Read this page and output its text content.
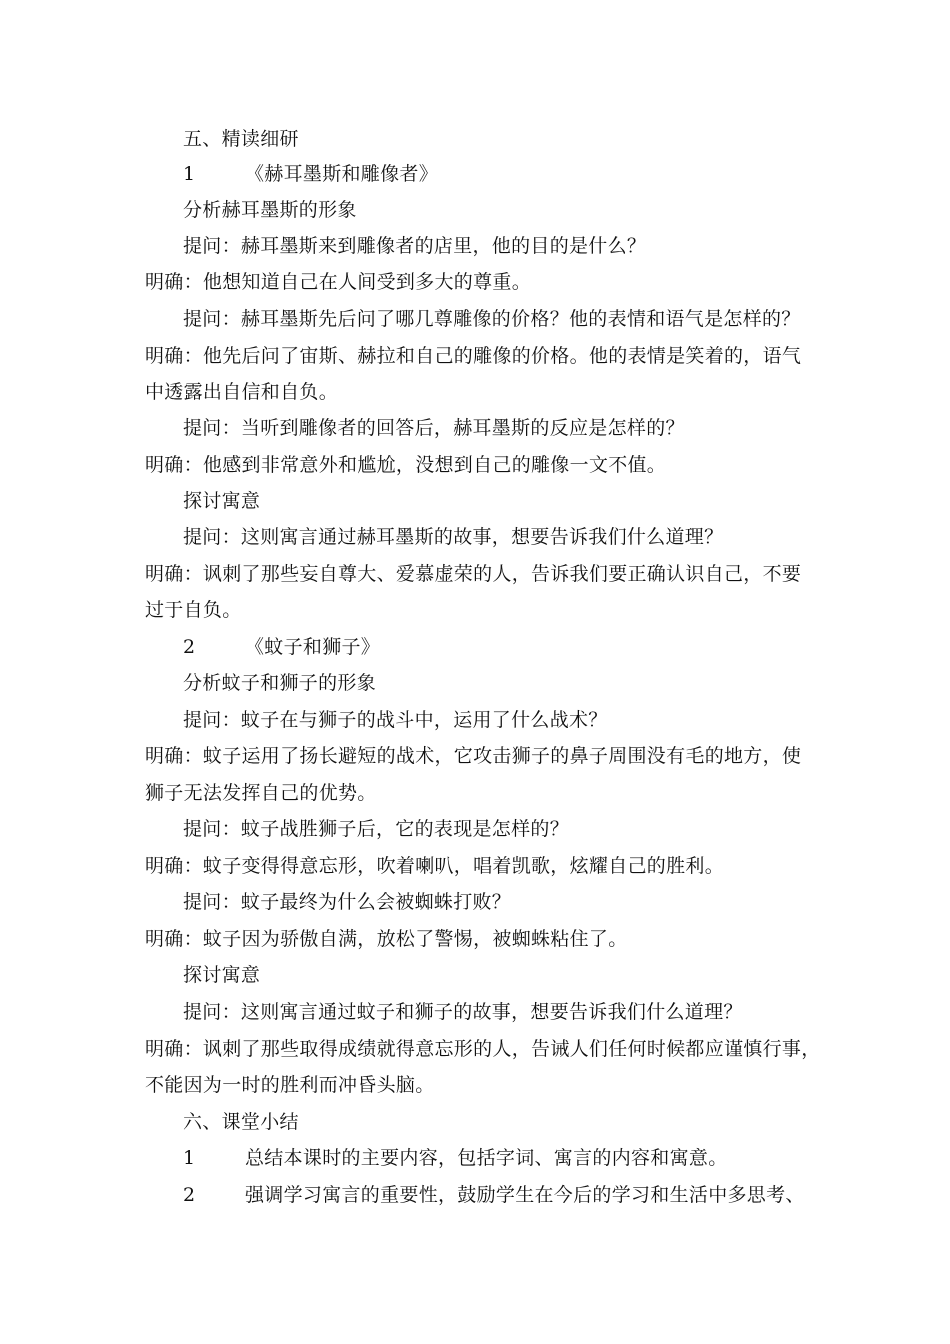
五、精读细研
1	《赫耳墨斯和雕像者》
分析赫耳墨斯的形象
提问：赫耳墨斯来到雕像者的店里，他的目的是什么？
明确：他想知道自己在人间受到多大的尊重。
提问：赫耳墨斯先后问了哪几尊雕像的价格？他的表情和语气是怎样的？
明确：他先后问了宙斯、赫拉和自己的雕像的价格。他的表情是笑着的，语气
中透露出自信和自负。
提问：当听到雕像者的回答后，赫耳墨斯的反应是怎样的？
明确：他感到非常意外和尴尬，没想到自己的雕像一文不值。
探讨寓意
提问：这则寓言通过赫耳墨斯的故事，想要告诉我们什么道理？
明确：讽刺了那些妄自尊大、爱慕虚荣的人，告诉我们要正确认识自己，不要
过于自负。
2	《蚊子和狮子》
分析蚊子和狮子的形象
提问：蚊子在与狮子的战斗中，运用了什么战术？
明确：蚊子运用了扬长避短的战术，它攻击狮子的鼻子周围没有毛的地方，使
狮子无法发挥自己的优势。
提问：蚊子战胜狮子后，它的表现是怎样的？
明确：蚊子变得得意忘形，吹着喇叭，唱着凯歌，炫耀自己的胜利。
提问：蚊子最终为什么会被蜘蛛打败？
明确：蚊子因为骄傲自满，放松了警惕，被蜘蛛粘住了。
探讨寓意
提问：这则寓言通过蚊子和狮子的故事，想要告诉我们什么道理？
明确：讽刺了那些取得成绩就得意忘形的人，告诫人们任何时候都应谨慎行事，
不能因为一时的胜利而冲昏头脑。
六、课堂小结
1	总结本课时的主要内容，包括字词、寓言的内容和寓意。
2	强调学习寓言的重要性，鼓励学生在今后的学习和生活中多思考、
